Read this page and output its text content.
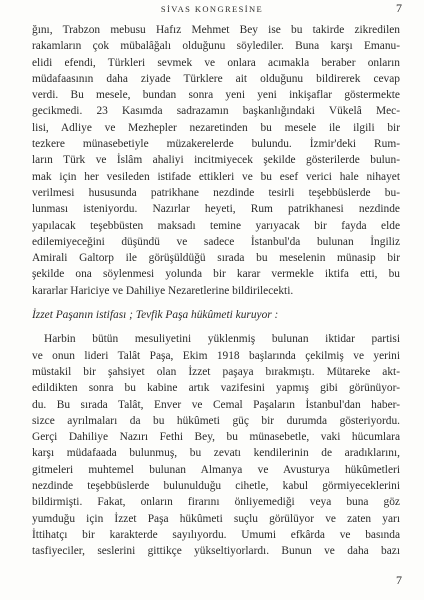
SİVAS KONGRESİNE	7
ğını, Trabzon mebusu Hafız Mehmet Bey ise bu takirde zikredilen
rakamların çok mübalâğalı olduğunu söylediler. Buna karşı Emanu-
elidi efendi, Türkleri sevmek ve onlara acımakla beraber onların
müdafaasının daha ziyade Türklere ait olduğunu bildirerek cevap
verdi. Bu mesele, bundan sonra yeni yeni inkişaflar göstermekte
gecikmedi. 23 Kasımda sadrazamın başkanlığındaki Vükelâ Mec-
lisi, Adliye ve Mezhepler nezaretinden bu mesele ile ilgili bir
tezkere münasebetiyle müzakerelerde bulundu. İzmir'deki Rum-
ların Türk ve İslâm ahaliyi incitmiyecek şekilde gösterilerde bulun-
mak için her vesileden istifade ettikleri ve bu esef verici hale nihayet
verilmesi hususunda patrikhane nezdinde tesirli teşebbüslerde bu-
lunması isteniyordu. Nazırlar heyeti, Rum patrikhanesi nezdinde
yapılacak teşebbüsten maksadı temine yarıyacak bir fayda elde
edilemiyeceğini düşündü ve sadece İstanbul'da bulunan İngiliz
Amirali Galtorp ile görüşüldüğü sırada bu meselenin münasip bir
şekilde ona söylenmesi yolunda bir karar vermekle iktifa etti, bu
kararlar Hariciye ve Dahiliye Nezaretlerine bildirilecekti.
İzzet Paşanın istifası ; Tevfik Paşa hükûmeti kuruyor :
Harbin bütün mesuliyetini yüklenmiş bulunan iktidar partisi
ve onun lideri Talât Paşa, Ekim 1918 başlarında çekilmiş ve yerini
müstakil bir şahsiyet olan İzzet paşaya bırakmıştı. Mütareke akt-
edildikten sonra bu kabine artık vazifesini yapmış gibi görünüyor-
du. Bu sırada Talât, Enver ve Cemal Paşaların İstanbul'dan haber-
sizce ayrılmaları da bu hükûmeti güç bir durumda gösteriyordu.
Gerçi Dahiliye Nazırı Fethi Bey, bu münasebetle, vaki hücumlara
karşı müdafaada bulunmuş, bu zevatı kendilerinin de aradıklarını,
gitmeleri muhtemel bulunan Almanya ve Avusturya hükûmetleri
nezdinde teşebbüslerde bulunulduğu cihetle, kabul görmiyeceklerini
bildirmişti. Fakat, onların firarını önliyemediği veya buna göz
yumduğu için İzzet Paşa hükûmeti suçlu görülüyor ve zaten yarı
İttihatçı bir karakterde sayılıyordu. Umumi efkârda ve basında
tasfiyeciler, seslerini gittikçe yükseltiyorlardı. Bunun ve daha bazı
7
